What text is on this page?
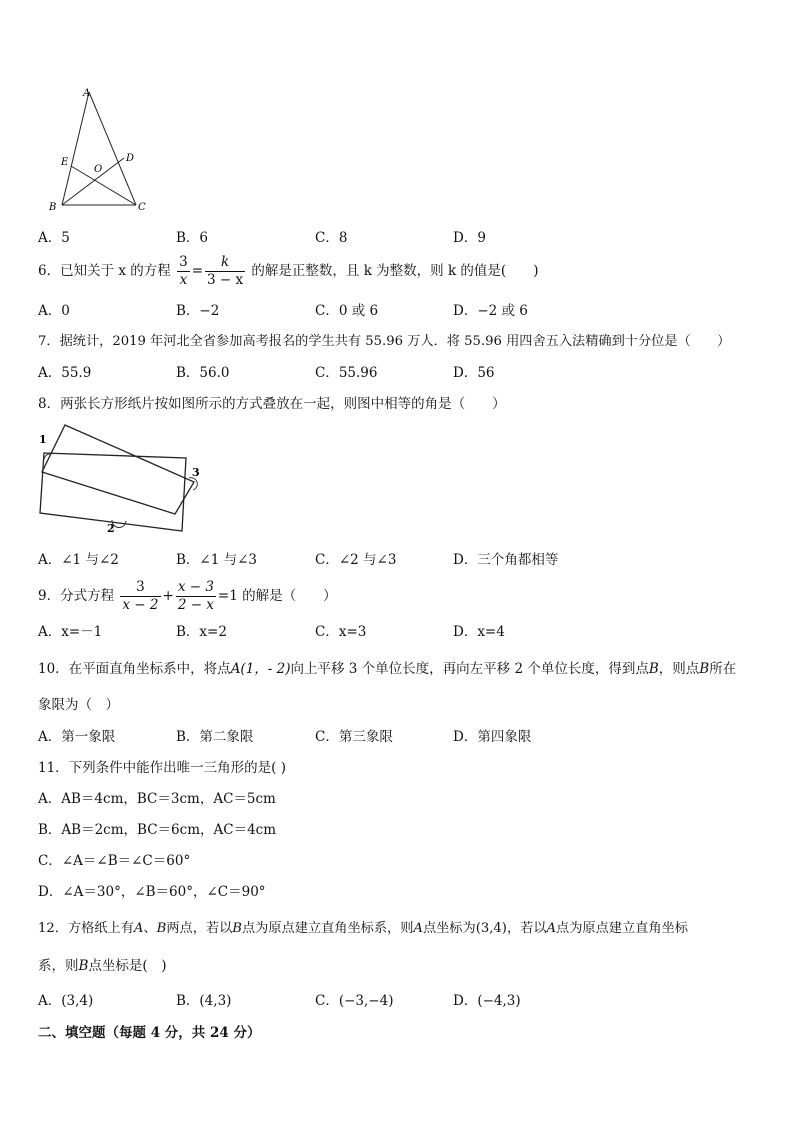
A
E
O
D
B	C
A．5	B．6	C．8	D．9
6．已知关于 x 的方程 $\frac{3}{x} = \frac{k}{3 - x}$ 的解是正整数，且 k 为整数，则 k 的值是(　　)
A．0	B．−2	C．0 或 6	D．−2 或 6
7．据统计，2019 年河北全省参加高考报名的学生共有 55.96 万人．将 55.96 用四舍五入法精确到十分位是（　　）
A．55.9	B．56.0	C．55.96	D．56
8．两张长方形纸片按如图所示的方式叠放在一起，则图中相等的角是（　　）
1
2
3
A．∠1 与∠2	B．∠1 与∠3	C．∠2 与∠3	D．三个角都相等
9．分式方程 $\frac{3}{x - 2} + \frac{x - 3}{2 - x} =1$ 的解是（　　）
A．x=－1	B．x=2	C．x=3	D．x=4
10．在平面直角坐标系中，将点A(1，- 2)向上平移 3 个单位长度，再向左平移 2 个单位长度，得到点B，则点B所在
象限为（　）
A．第一象限	B．第二象限	C．第三象限	D．第四象限
11．下列条件中能作出唯一三角形的是( )
A．AB＝4cm，BC＝3cm，AC＝5cm
B．AB＝2cm，BC＝6cm，AC＝4cm
C．∠A＝∠B＝∠C＝60°
D．∠A＝30°，∠B＝60°，∠C＝90°
12．方格纸上有A、B两点，若以B点为原点建立直角坐标系，则A点坐标为(3,4)，若以A点为原点建立直角坐标
系，则B点坐标是(　)
A．(3,4)	B．(4,3)	C．(−3,−4)	D．(−4,3)
二、填空题（每题 4 分，共 24 分）
